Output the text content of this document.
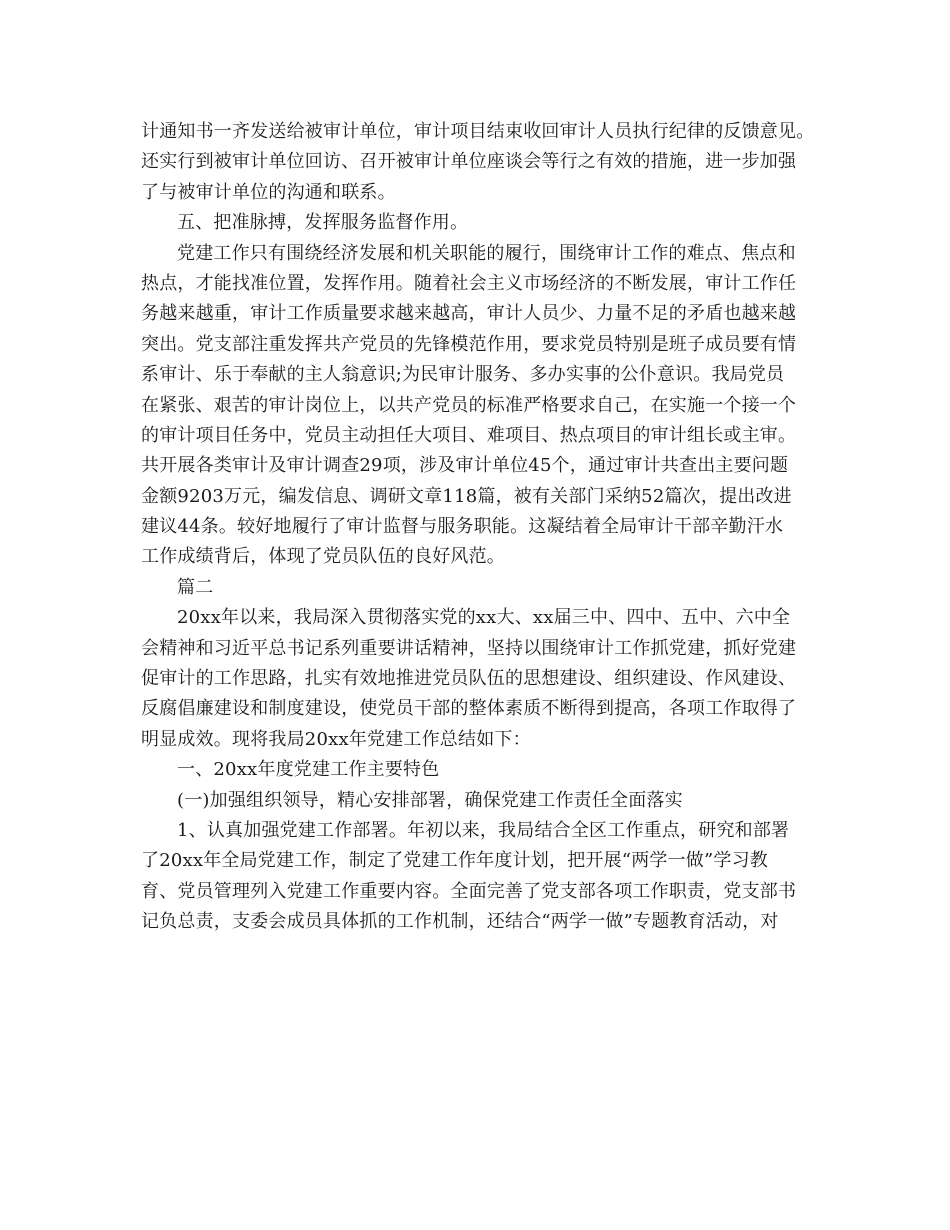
计通知书一齐发送给被审计单位，审计项目结束收回审计人员执行纪律的反馈意见。
还实行到被审计单位回访、召开被审计单位座谈会等行之有效的措施，进一步加强
了与被审计单位的沟通和联系。
五、把准脉搏，发挥服务监督作用。
党建工作只有围绕经济发展和机关职能的履行，围绕审计工作的难点、焦点和
热点，才能找准位置，发挥作用。随着社会主义市场经济的不断发展，审计工作任
务越来越重，审计工作质量要求越来越高，审计人员少、力量不足的矛盾也越来越
突出。党支部注重发挥共产党员的先锋模范作用，要求党员特别是班子成员要有情
系审计、乐于奉献的主人翁意识;为民审计服务、多办实事的公仆意识。我局党员
在紧张、艰苦的审计岗位上，以共产党员的标准严格要求自己，在实施一个接一个
的审计项目任务中，党员主动担任大项目、难项目、热点项目的审计组长或主审。
共开展各类审计及审计调查29项，涉及审计单位45个，通过审计共查出主要问题
金额9203万元，编发信息、调研文章118篇，被有关部门采纳52篇次，提出改进
建议44条。较好地履行了审计监督与服务职能。这凝结着全局审计干部辛勤汗水
工作成绩背后，体现了党员队伍的良好风范。
篇二
20xx年以来，我局深入贯彻落实党的xx大、xx届三中、四中、五中、六中全
会精神和习近平总书记系列重要讲话精神，坚持以围绕审计工作抓党建，抓好党建
促审计的工作思路，扎实有效地推进党员队伍的思想建设、组织建设、作风建设、
反腐倡廉建设和制度建设，使党员干部的整体素质不断得到提高，各项工作取得了
明显成效。现将我局20xx年党建工作总结如下：
一、20xx年度党建工作主要特色
(一)加强组织领导，精心安排部署，确保党建工作责任全面落实
1、认真加强党建工作部署。年初以来，我局结合全区工作重点，研究和部署
了20xx年全局党建工作，制定了党建工作年度计划，把开展“两学一做”学习教
育、党员管理列入党建工作重要内容。全面完善了党支部各项工作职责，党支部书
记负总责，支委会成员具体抓的工作机制，还结合“两学一做”专题教育活动，对
